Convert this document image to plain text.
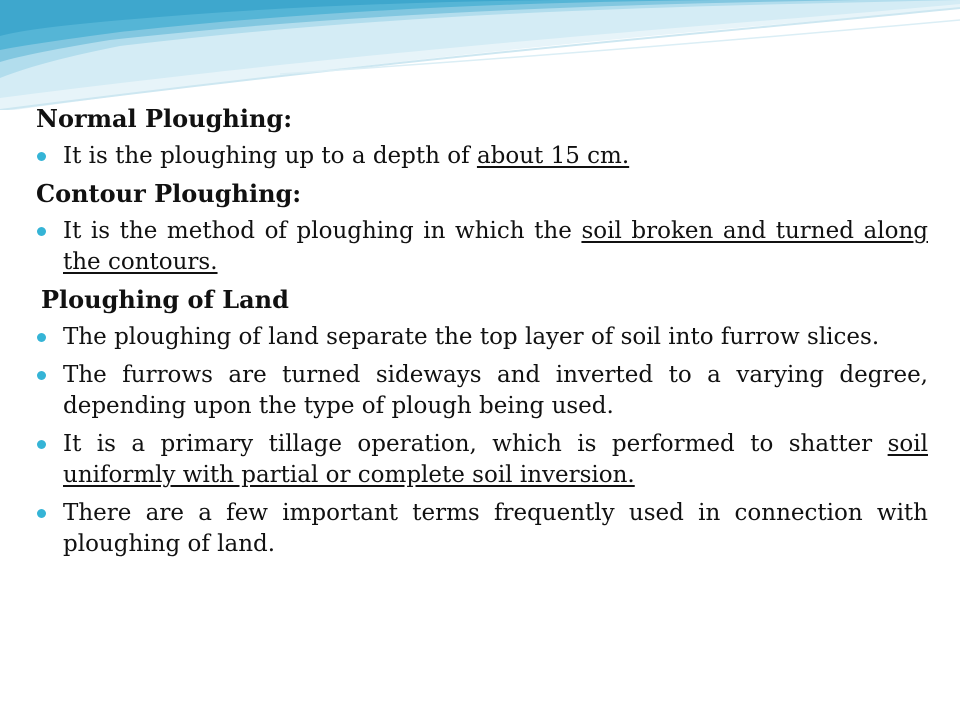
Normal Ploughing:
It is the ploughing up to a depth of about 15 cm.
Contour Ploughing:
It is the method of ploughing in which the soil broken and turned along the contours.
Ploughing of Land
The ploughing of land separate the top layer of soil into furrow slices.
The furrows are turned sideways and inverted to a varying degree, depending upon the type of plough being used.
It is a primary tillage operation, which is performed to shatter soil uniformly with partial or complete soil inversion.
There are a few important terms frequently used in connection with ploughing of land.
